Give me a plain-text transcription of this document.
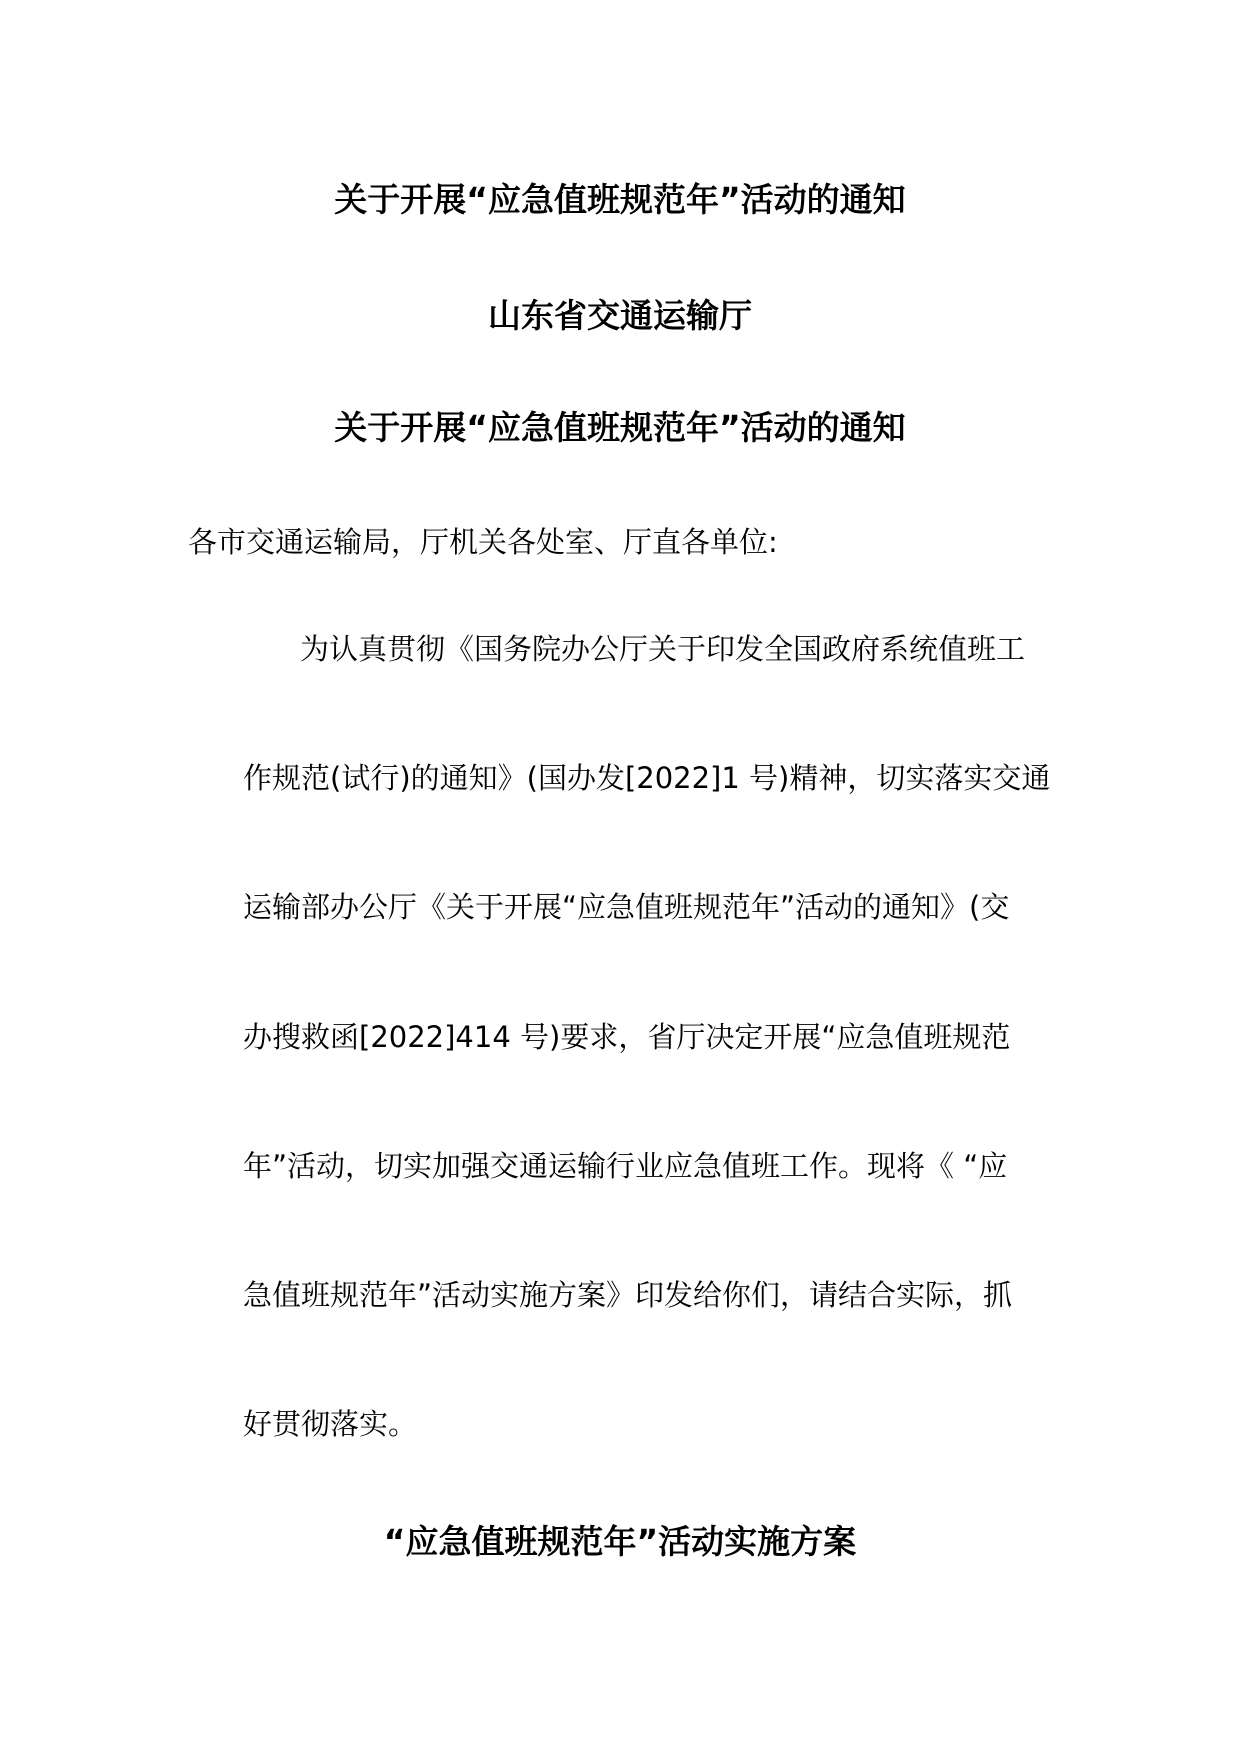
关于开展“应急值班规范年”活动的通知
山东省交通运输厅
关于开展“应急值班规范年”活动的通知
各市交通运输局，厅机关各处室、厅直各单位:
为认真贯彻《国务院办公厅关于印发全国政府系统值班工
作规范(试行)的通知》(国办发[2022]1 号)精神，切实落实交通
运输部办公厅《关于开展“应急值班规范年”活动的通知》(交
办搜救函[2022]414 号)要求，省厅决定开展“应急值班规范
年”活动，切实加强交通运输行业应急值班工作。现将《 “应
急值班规范年”活动实施方案》印发给你们，请结合实际，抓
好贯彻落实。
“应急值班规范年”活动实施方案
